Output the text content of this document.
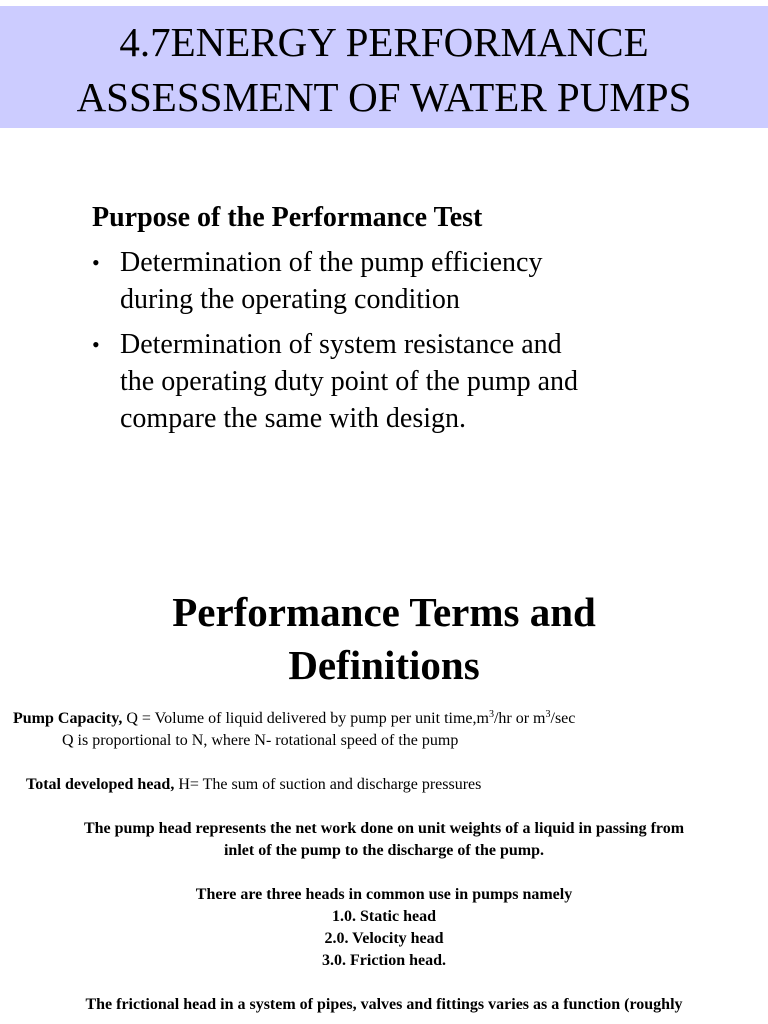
4.7ENERGY PERFORMANCE
ASSESSMENT OF WATER PUMPS
Purpose of the Performance Test
• Determination of the pump efficiency
during the operating condition
• Determination of system resistance and
the operating duty point of the pump and
compare the same with design.
Performance Terms and
Definitions
Pump Capacity, Q = Volume of liquid delivered by pump per unit $time,m^3/hr$ or $m^3/\sec$
Q is proportional to N, where N- rotational speed of the pump
Total developed head, H= The sum of suction and discharge pressures
The pump head represents the net work done on unit weights of a liquid in passing from
inlet of the pump to the discharge of the pump.
There are three heads in common use in pumps namely
1.0. Static head
2.0. Velocity head
3.0. Friction head.
The frictional head in a system of pipes, valves and fittings varies as a function (roughly
